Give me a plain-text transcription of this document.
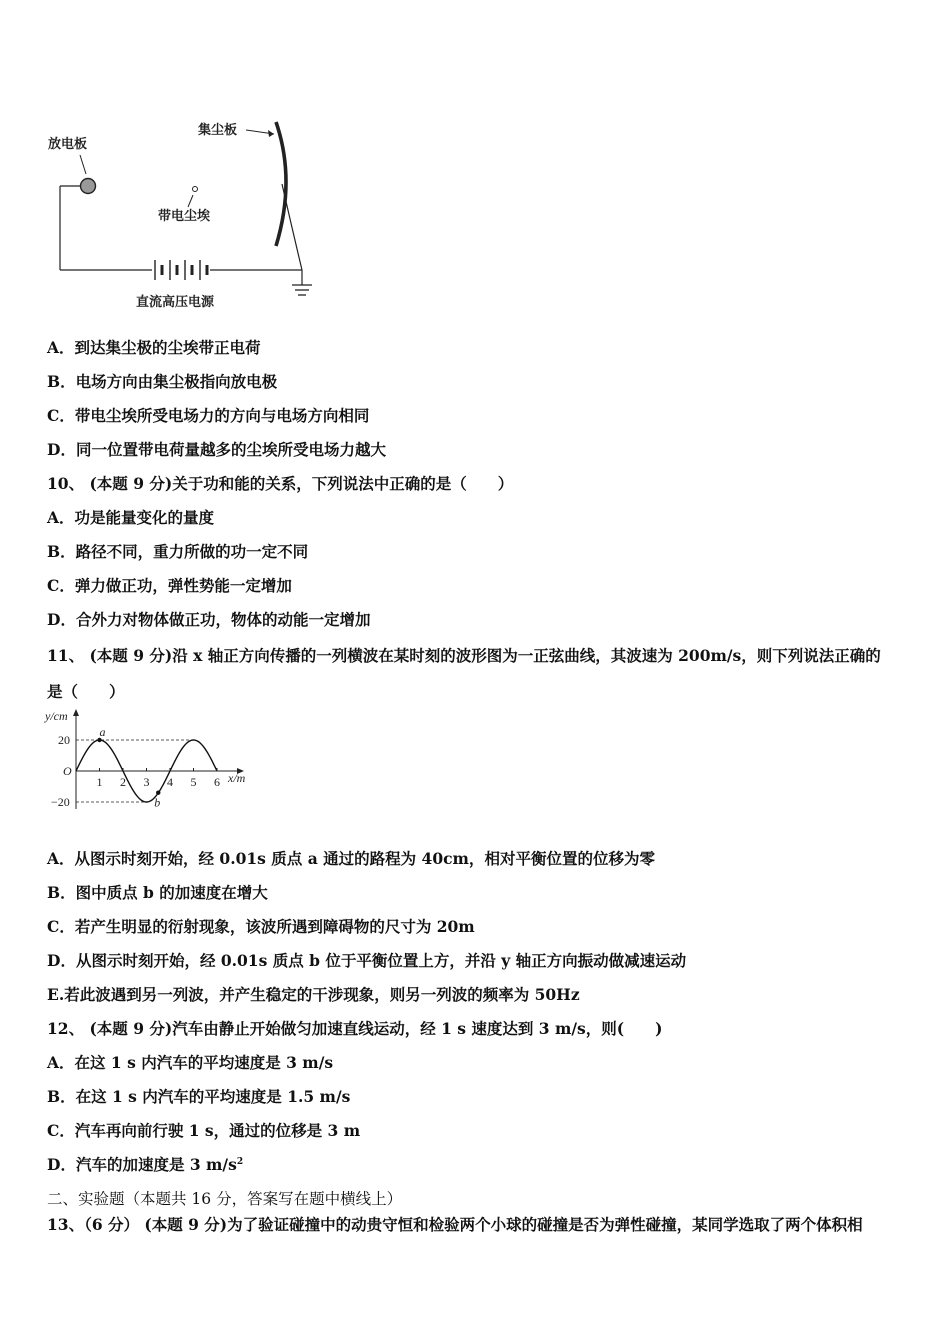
放电板
直流高压电源
集尘板
带电尘埃
A．到达集尘极的尘埃带正电荷
B．电场方向由集尘极指向放电极
C．带电尘埃所受电场力的方向与电场方向相同
D．同一位置带电荷量越多的尘埃所受电场力越大
10、 (本题 9 分)关于功和能的关系，下列说法中正确的是（　　）
A．功是能量变化的量度
B．路径不同，重力所做的功一定不同
C．弹力做正功，弹性势能一定增加
D．合外力对物体做正功，物体的动能一定增加
11、 (本题 9 分)沿 x 轴正方向传播的一列横波在某时刻的波形图为一正弦曲线，其波速为 200m/s，则下列说法正确的
是（　　）
y/cm
x/m
O
1 2 3 4 5 6
20
−20
a
b
A．从图示时刻开始，经 0.01s 质点 a 通过的路程为 40cm，相对平衡位置的位移为零
B．图中质点 b 的加速度在增大
C．若产生明显的衍射现象，该波所遇到障碍物的尺寸为 20m
D．从图示时刻开始，经 0.01s 质点 b 位于平衡位置上方，并沿 y 轴正方向振动做减速运动
E.若此波遇到另一列波，并产生稳定的干涉现象，则另一列波的频率为 50Hz
12、 (本题 9 分)汽车由静止开始做匀加速直线运动，经 1 s 速度达到 3 m/s，则(　　)
A．在这 1 s 内汽车的平均速度是 3 m/s
B．在这 1 s 内汽车的平均速度是 1.5 m/s
C．汽车再向前行驶 1 s，通过的位移是 3 m
D．汽车的加速度是 3 $m/s^2$
二、实验题（本题共 16 分，答案写在题中横线上）
13、（6 分） (本题 9 分)为了验证碰撞中的动贵守恒和检验两个小球的碰撞是否为弹性碰撞，某同学选取了两个体积相
